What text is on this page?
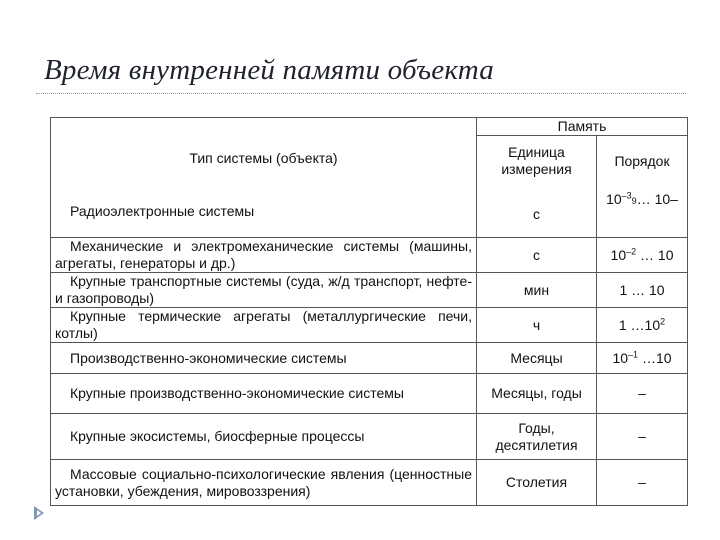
Время внутренней памяти объекта
	Память	
Тип системы (объекта)	Единица измерения	Порядок
Радиоэлектронные системы	с	$10^{-3}9\dots$ 10–
Механические и электромеханические системы (машины, агрегаты, генераторы и др.)	с	$10^{-2}$ … 10
Крупные транспортные системы (суда, ж/д транспорт, нефте- и газопроводы)	мин	1 … 10
Крупные термические агрегаты (металлургические печи, котлы)	ч	1 $\dots 10^2$
Производственно-экономические системы	Месяцы	$10^{-1}$ …10
Крупные производственно-экономические системы	Месяцы, годы	–
Крупные экосистемы, биосферные процессы	Годы, десятилетия	–
Массовые социально-психологические явления (ценностные установки, убеждения, мировоззрения)	Столетия	–
